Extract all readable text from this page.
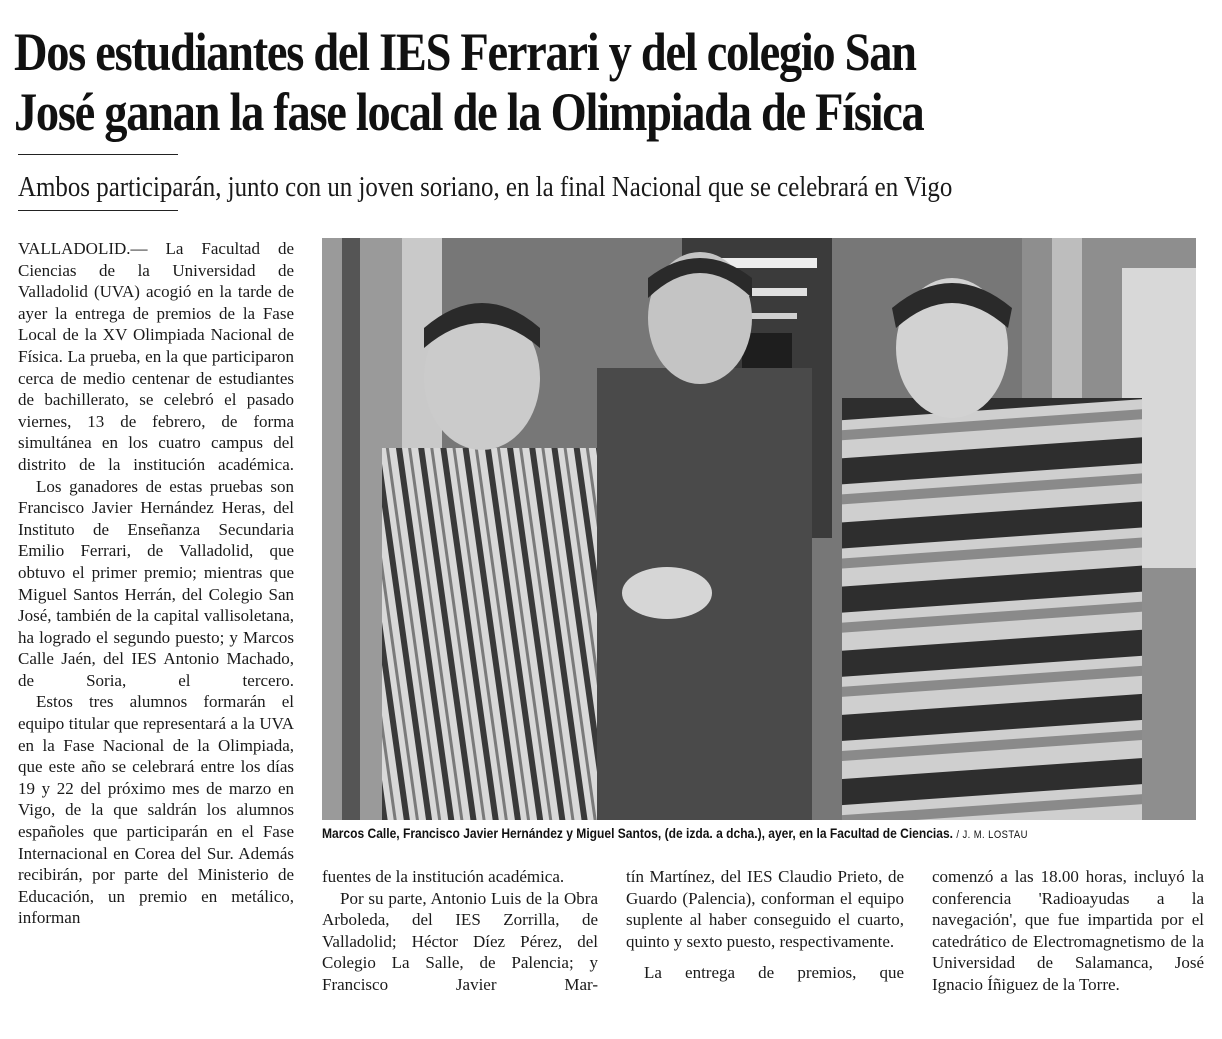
Dos estudiantes del IES Ferrari y del colegio San
José ganan la fase local de la Olimpiada de Física

Ambos participarán, junto con un joven soriano, en la final Nacional que se celebrará en Vigo

VALLADOLID.— La Facultad de Ciencias de la Universidad de Valladolid (UVA) acogió en la tarde de ayer la entrega de premios de la Fase Local de la XV Olimpiada Nacional de Física. La prueba, en la que participaron cerca de medio centenar de estudiantes de bachillerato, se celebró el pasado viernes, 13 de febrero, de forma simultánea en los cuatro campus del distrito de la institución académica.

Los ganadores de estas pruebas son Francisco Javier Hernández Heras, del Instituto de Enseñanza Secundaria Emilio Ferrari, de Valladolid, que obtuvo el primer premio; mientras que Miguel Santos Herrán, del Colegio San José, también de la capital vallisoletana, ha logrado el segundo puesto; y Marcos Calle Jaén, del IES Antonio Machado, de Soria, el tercero.

Estos tres alumnos formarán el equipo titular que representará a la UVA en la Fase Nacional de la Olimpiada, que este año se celebrará entre los días 19 y 22 del próximo mes de marzo en Vigo, de la que saldrán los alumnos españoles que participarán en el Fase Internacional en Corea del Sur. Además recibirán, por parte del Ministerio de Educación, un premio en metálico, informan

Marcos Calle, Francisco Javier Hernández y Miguel Santos, (de izda. a dcha.), ayer, en la Facultad de Ciencias. / J. M. LOSTAU

fuentes de la institución académica.

Por su parte, Antonio Luis de la Obra Arboleda, del IES Zorrilla, de Valladolid; Héctor Díez Pérez, del Colegio La Salle, de Palencia; y Francisco Javier Mar-

tín Martínez, del IES Claudio Prieto, de Guardo (Palencia), conforman el equipo suplente al haber conseguido el cuarto, quinto y sexto puesto, respectivamente.

La entrega de premios, que

comenzó a las 18.00 horas, incluyó la conferencia 'Radioayudas a la navegación', que fue impartida por el catedrático de Electromagnetismo de la Universidad de Salamanca, José Ignacio Íñiguez de la Torre.
